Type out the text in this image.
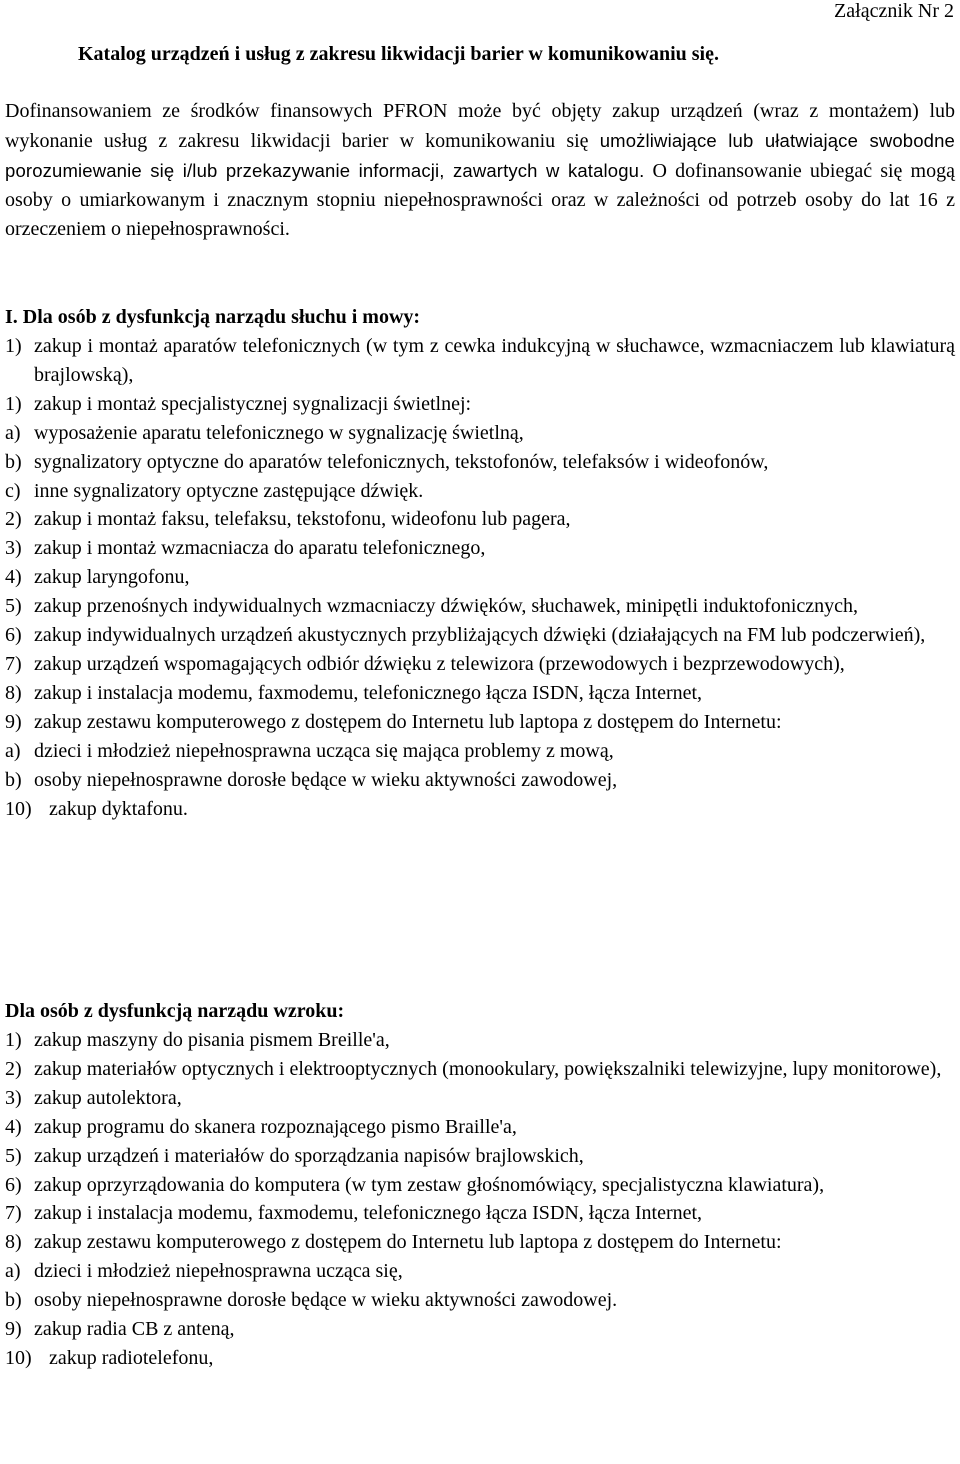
Załącznik Nr 2
Katalog urządzeń i usług z zakresu likwidacji barier w komunikowaniu się.
Dofinansowaniem ze środków finansowych PFRON może być objęty zakup urządzeń (wraz z montażem) lub wykonanie usług z zakresu likwidacji barier w komunikowaniu się umożliwiające lub ułatwiające swobodne porozumiewanie się i/lub przekazywanie informacji, zawartych w katalogu. O dofinansowanie ubiegać się mogą osoby o umiarkowanym i znacznym stopniu niepełnosprawności oraz w zależności od potrzeb osoby do lat 16 z orzeczeniem o niepełnosprawności.
I. Dla osób z dysfunkcją narządu słuchu i mowy:
1) zakup i montaż aparatów telefonicznych (w tym z cewka indukcyjną w słuchawce, wzmacniaczem lub klawiaturą brajlowską),
1) zakup i montaż specjalistycznej sygnalizacji świetlnej:
a) wyposażenie aparatu telefonicznego w sygnalizację świetlną,
b) sygnalizatory optyczne do aparatów telefonicznych, tekstofonów, telefaksów i wideofonów,
c) inne sygnalizatory optyczne zastępujące dźwięk.
2) zakup i montaż faksu, telefaksu, tekstofonu, wideofonu lub pagera,
3) zakup i montaż wzmacniacza do aparatu telefonicznego,
4) zakup laryngofonu,
5) zakup przenośnych indywidualnych wzmacniaczy dźwięków, słuchawek, minipętli induktofonicznych,
6) zakup indywidualnych urządzeń akustycznych przybliżających dźwięki (działających na FM lub podczerwień),
7) zakup urządzeń wspomagających odbiór dźwięku z telewizora (przewodowych i bezprzewodowych),
8) zakup i instalacja modemu, faxmodemu, telefonicznego łącza ISDN, łącza Internet,
9) zakup zestawu komputerowego z dostępem do Internetu lub laptopa z dostępem do Internetu:
a) dzieci i młodzież niepełnosprawna ucząca się mająca problemy z mową,
b) osoby niepełnosprawne dorosłe będące w wieku aktywności zawodowej,
10) zakup dyktafonu.
Dla osób z dysfunkcją narządu wzroku:
1) zakup maszyny do pisania pismem Breille'a,
2) zakup materiałów optycznych i elektrooptycznych (monookulary, powiększalniki telewizyjne, lupy monitorowe),
3) zakup autolektora,
4) zakup programu do skanera rozpoznającego pismo Braille'a,
5) zakup urządzeń i materiałów do sporządzania napisów brajlowskich,
6) zakup oprzyrządowania do komputera (w tym zestaw głośnomówiący, specjalistyczna klawiatura),
7) zakup i instalacja modemu, faxmodemu, telefonicznego łącza ISDN, łącza Internet,
8) zakup zestawu komputerowego z dostępem do Internetu lub laptopa z dostępem do Internetu:
a) dzieci i młodzież niepełnosprawna ucząca się,
b) osoby niepełnosprawne dorosłe będące w wieku aktywności zawodowej.
9) zakup radia CB z anteną,
10) zakup radiotelefonu,
